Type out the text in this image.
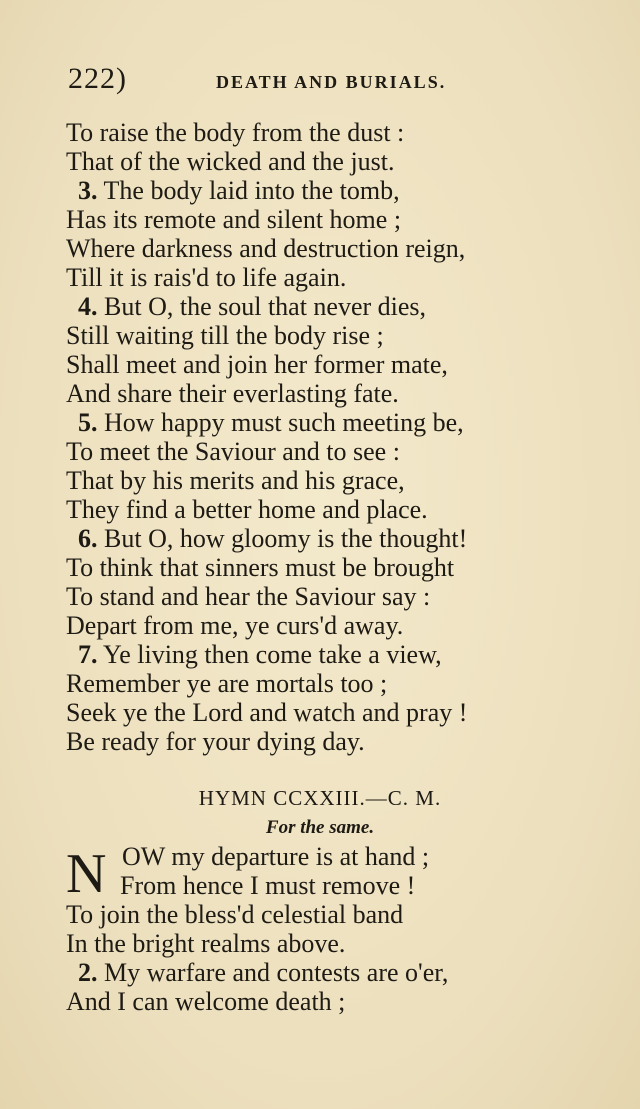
222)	DEATH AND BURIALS.
To raise the body from the dust :
That of the wicked and the just.
3. The body laid into the tomb,
Has its remote and silent home ;
Where darkness and destruction reign,
Till it is rais'd to life again.
4. But O, the soul that never dies,
Still waiting till the body rise ;
Shall meet and join her former mate,
And share their everlasting fate.
5. How happy must such meeting be,
To meet the Saviour and to see :
That by his merits and his grace,
They find a better home and place.
6. But O, how gloomy is the thought!
To think that sinners must be brought
To stand and hear the Saviour say :
Depart from me, ye curs'd away.
7. Ye living then come take a view,
Remember ye are mortals too ;
Seek ye the Lord and watch and pray !
Be ready for your dying day.
HYMN CCXXIII.—C. M.
For the same.
N OW my departure is at hand ;
From hence I must remove !
To join the bless'd celestial band
In the bright realms above.
2. My warfare and contests are o'er,
And I can welcome death ;
